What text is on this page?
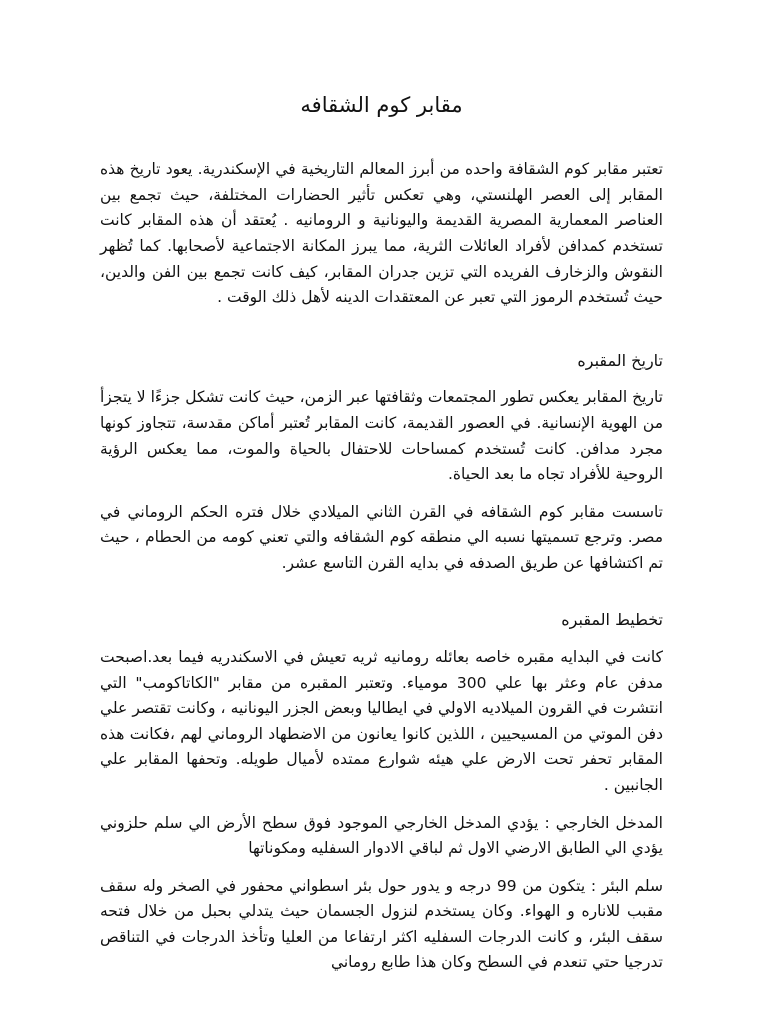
مقابر كوم الشقافه

تعتبر مقابر كوم الشقافة واحده من أبرز المعالم التاريخية في الإسكندرية. يعود تاريخ هذه المقابر إلى العصر الهلنستي، وهي تعكس تأثير الحضارات المختلفة، حيث تجمع بين العناصر المعمارية المصرية القديمة واليونانية و الرومانيه . يُعتقد أن هذه المقابر كانت تستخدم كمدافن لأفراد العائلات الثرية، مما يبرز المكانة الاجتماعية لأصحابها. كما تُظهر النقوش والزخارف الفريده التي تزين جدران المقابر، كيف كانت تجمع بين الفن والدين، حيث تُستخدم الرموز التي تعبر عن المعتقدات الدينه لأهل ذلك الوقت .

تاريخ المقبره

تاريخ المقابر يعكس تطور المجتمعات وثقافتها عبر الزمن، حيث كانت تشكل جزءًا لا يتجزأ من الهوية الإنسانية. في العصور القديمة، كانت المقابر تُعتبر أماكن مقدسة، تتجاوز كونها مجرد مدافن. كانت تُستخدم كمساحات للاحتفال بالحياة والموت، مما يعكس الرؤية الروحية للأفراد تجاه ما بعد الحياة.

تاسست مقابر كوم الشقافه في القرن الثاني الميلادي خلال فتره الحكم الروماني في مصر. وترجع تسميتها نسبه الي منطقه كوم الشقافه والتي تعني كومه من الحطام ، حيث تم اكتشافها عن طريق الصدفه في بدايه القرن التاسع عشر.

تخطيط المقبره

كانت في البدايه مقبره خاصه بعائله رومانيه ثريه تعيش في الاسكندريه فيما بعد.اصبحت مدفن عام وعثر بها علي 300 مومياء. وتعتبر المقبره من مقابر "الكاتاكومب" التي انتشرت في القرون الميلاديه الاولي في ايطاليا وبعض الجزر اليونانيه ، وكانت تقتصر علي دفن الموتي من المسيحيين ، اللذين كانوا يعانون من الاضطهاد الروماني لهم ،فكانت هذه المقابر تحفر تحت الارض علي هيئه شوارع ممتده لأميال طويله. وتحفها المقابر علي الجانبين .

المدخل الخارجي : يؤدي المدخل الخارجي الموجود فوق سطح الأرض الي سلم حلزوني يؤدي الي الطابق الارضي الاول ثم لباقي الادوار السفليه ومكوناتها

سلم البئر : يتكون من 99 درجه و يدور حول بئر اسطواني محفور في الصخر وله سقف مقبب للاناره و الهواء. وكان يستخدم لنزول الجسمان حيث يتدلي بحبل من خلال فتحه سقف البئر، و كانت الدرجات السفليه اكثر ارتفاعا من العليا وتأخذ الدرجات في التناقص تدرجيا حتي تنعدم في السطح وكان هذا طابع روماني
